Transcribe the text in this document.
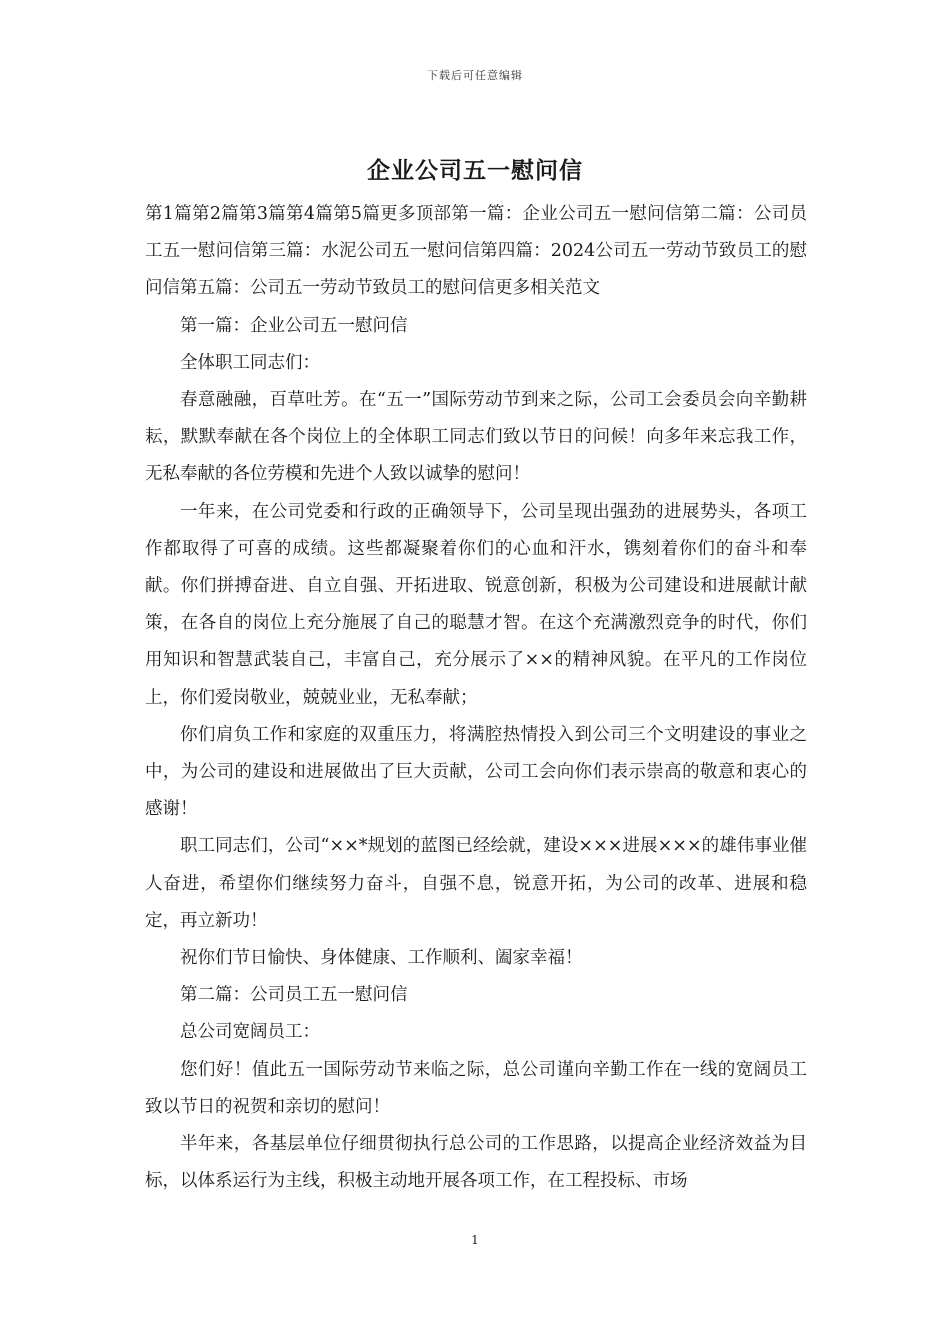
下载后可任意编辑
企业公司五一慰问信

第1篇第2篇第3篇第4篇第5篇更多顶部第一篇：企业公司五一慰问信第二篇：公司员工五一慰问信第三篇：水泥公司五一慰问信第四篇：2024公司五一劳动节致员工的慰问信第五篇：公司五一劳动节致员工的慰问信更多相关范文

第一篇：企业公司五一慰问信

全体职工同志们：

春意融融，百草吐芳。在“五一”国际劳动节到来之际，公司工会委员会向辛勤耕耘，默默奉献在各个岗位上的全体职工同志们致以节日的问候！向多年来忘我工作，无私奉献的各位劳模和先进个人致以诚挚的慰问！

一年来，在公司党委和行政的正确领导下，公司呈现出强劲的进展势头，各项工作都取得了可喜的成绩。这些都凝聚着你们的心血和汗水，镌刻着你们的奋斗和奉献。你们拼搏奋进、自立自强、开拓进取、锐意创新，积极为公司建设和进展献计献策，在各自的岗位上充分施展了自己的聪慧才智。在这个充满激烈竞争的时代，你们用知识和智慧武装自己，丰富自己，充分展示了××的精神风貌。在平凡的工作岗位上，你们爱岗敬业，兢兢业业，无私奉献；

你们肩负工作和家庭的双重压力，将满腔热情投入到公司三个文明建设的事业之中，为公司的建设和进展做出了巨大贡献，公司工会向你们表示崇高的敬意和衷心的感谢！

职工同志们，公司“××*规划的蓝图已经绘就，建设×××进展×××的雄伟事业催人奋进，希望你们继续努力奋斗，自强不息，锐意开拓，为公司的改革、进展和稳定，再立新功！

祝你们节日愉快、身体健康、工作顺利、阖家幸福！

第二篇：公司员工五一慰问信

总公司宽阔员工：

您们好！值此五一国际劳动节来临之际，总公司谨向辛勤工作在一线的宽阔员工致以节日的祝贺和亲切的慰问！

半年来，各基层单位仔细贯彻执行总公司的工作思路，以提高企业经济效益为目标，以体系运行为主线，积极主动地开展各项工作，在工程投标、市场

1
